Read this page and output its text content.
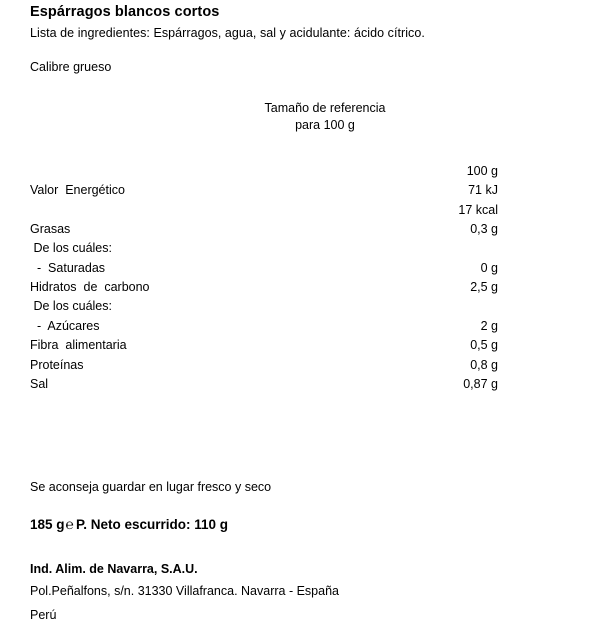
Espárragos blancos cortos
Lista de ingredientes: Espárragos, agua, sal y acidulante: ácido cítrico.
Calibre grueso
Tamaño de referencia
para 100 g
	100 g
Valor  Energético	71 kJ
	17 kcal
Grasas	0,3 g
De los cuáles:	
-  Saturadas	0 g
Hidratos  de  carbono	2,5 g
De los cuáles:	
-  Azúcares	2 g
Fibra  alimentaria	0,5 g
Proteínas	0,8 g
Sal	0,87 g
Se aconseja guardar en lugar fresco y seco
185 g℮ P. Neto escurrido: 110 g
Ind. Alim. de Navarra, S.A.U.
Pol.Peñalfons, s/n. 31330 Villafranca. Navarra - España
Perú
